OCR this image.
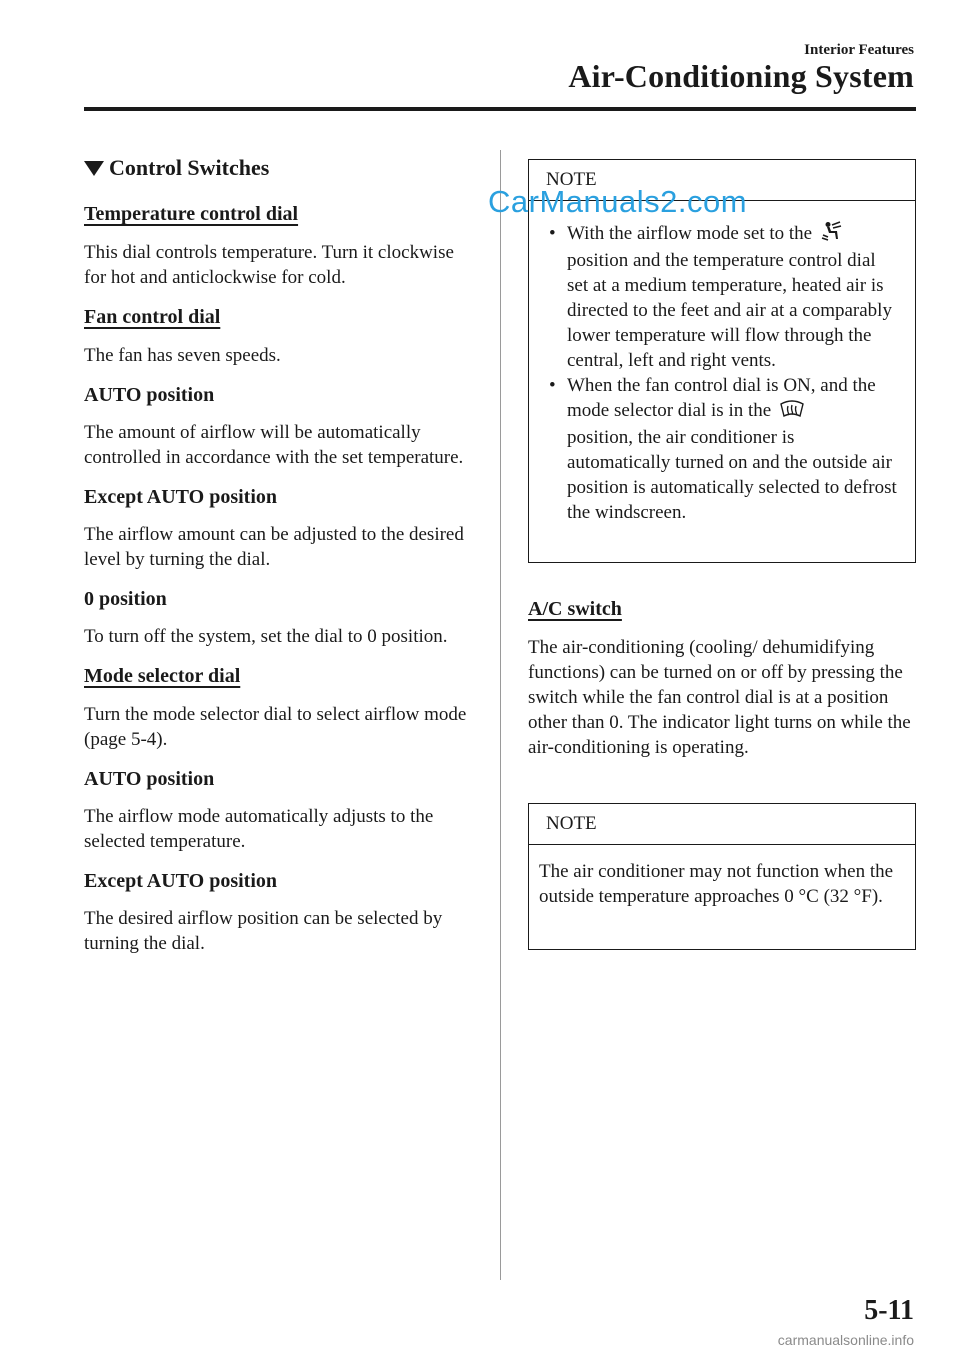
Interior Features
Air-Conditioning System
Control Switches
Temperature control dial
This dial controls temperature. Turn it clockwise for hot and anticlockwise for cold.
Fan control dial
The fan has seven speeds.
AUTO position
The amount of airflow will be automatically controlled in accordance with the set temperature.
Except AUTO position
The airflow amount can be adjusted to the desired level by turning the dial.
0 position
To turn off the system, set the dial to 0 position.
Mode selector dial
Turn the mode selector dial to select airflow mode (page 5-4).
AUTO position
The airflow mode automatically adjusts to the selected temperature.
Except AUTO position
The desired airflow position can be selected by turning the dial.
NOTE
• With the airflow mode set to the
position and the temperature control dial set at a medium temperature, heated air is directed to the feet and air at a comparably lower temperature will flow through the central, left and right vents.
• When the fan control dial is ON, and the mode selector dial is in the
position, the air conditioner is automatically turned on and the outside air position is automatically selected to defrost the windscreen.
CarManuals2.com
A/C switch
The air-conditioning (cooling/ dehumidifying functions) can be turned on or off by pressing the switch while the fan control dial is at a position other than 0. The indicator light turns on while the air-conditioning is operating.
NOTE
The air conditioner may not function when the outside temperature approaches 0 °C (32 °F).
5-11
carmanualsonline.info
